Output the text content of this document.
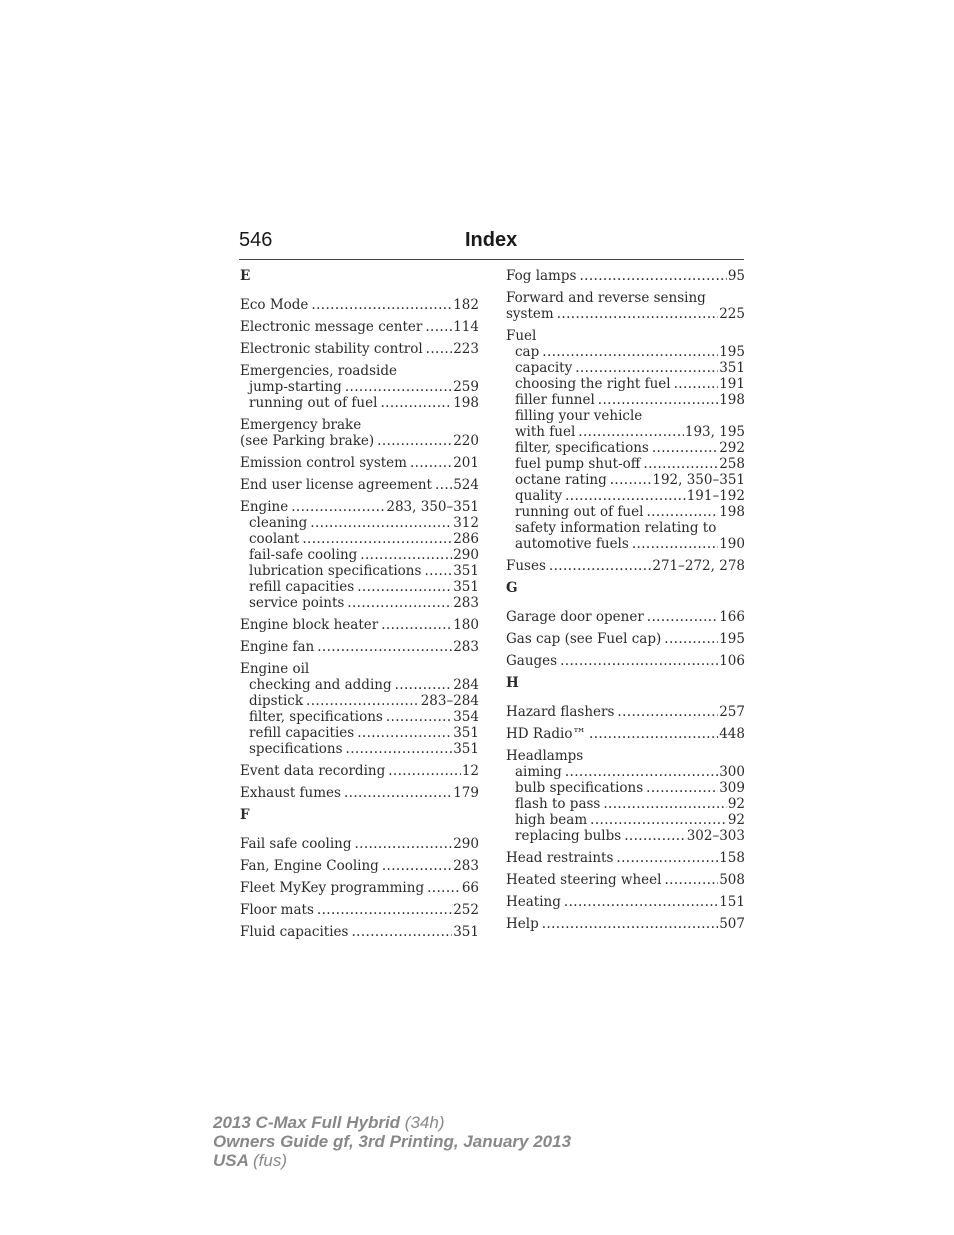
546	Index
E
Eco Mode .....	182
Electronic message center ..... 114
Electronic stability control ..... 223
Emergencies, roadside
jump-starting .....	259
running out of fuel .....	198
Emergency brake
(see Parking brake) .....	220
Emission control system .....	201
End user license agreement ..... 524
Engine .....	283, 350–351
cleaning .....	312
coolant .....	286
fail-safe cooling .....	290
lubrication specifications ..... 351
refill capacities .....	351
service points .....	283
Engine block heater .....	180
Engine fan .....	283
Engine oil
checking and adding .....	284
dipstick .....	283–284
filter, specifications .....	354
refill capacities .....	351
specifications .....	351
Event data recording .....	12
Exhaust fumes .....	179
F
Fail safe cooling .....	290
Fan, Engine Cooling .....	283
Fleet MyKey programming .....	66
Floor mats .....	252
Fluid capacities .....	351
Fog lamps .....	95
Forward and reverse sensing
system .....	225
Fuel
cap .....	195
capacity .....	351
choosing the right fuel .....	191
filler funnel .....	198
filling your vehicle
with fuel .....	193, 195
filter, specifications .....	292
fuel pump shut-off .....	258
octane rating .....	192, 350–351
quality .....	191–192
running out of fuel .....	198
safety information relating to
automotive fuels .....	190
Fuses .....	271–272, 278
G
Garage door opener .....	166
Gas cap (see Fuel cap) .....	195
Gauges .....	106
H
Hazard flashers .....	257
HD Radio™ .....	448
Headlamps
aiming .....	300
bulb specifications .....	309
flash to pass .....	92
high beam .....	92
replacing bulbs .....	302–303
Head restraints .....	158
Heated steering wheel .....	508
Heating .....	151
Help .....	507
2013 C-Max Full Hybrid (34h)
Owners Guide gf, 3rd Printing, January 2013
USA (fus)
